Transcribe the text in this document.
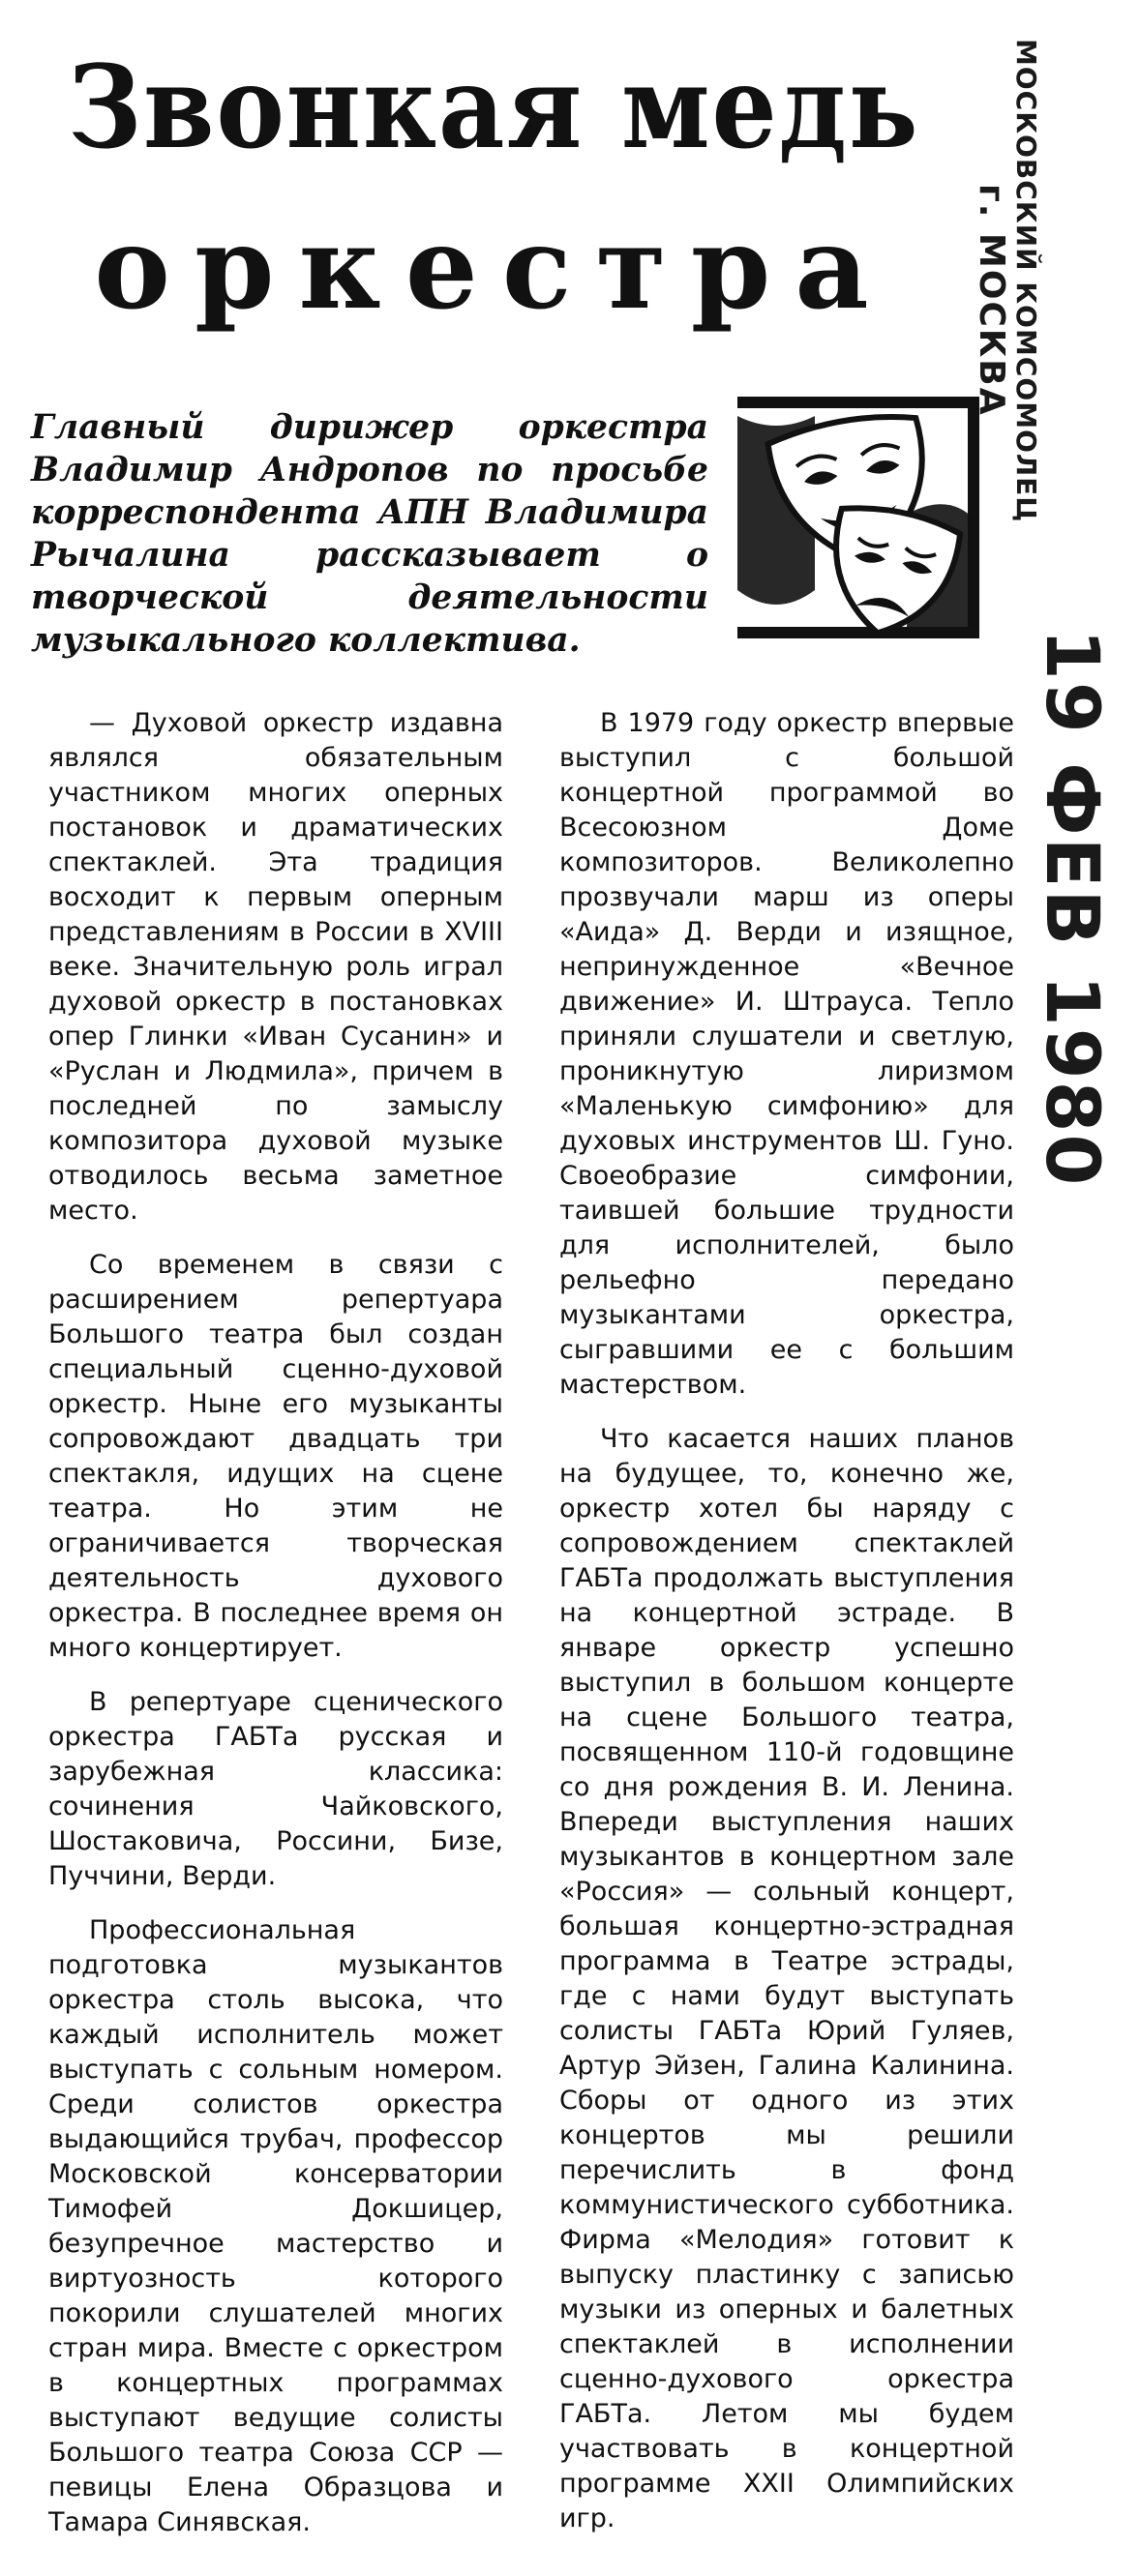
Звонкая медь
оркестра

Главный дирижер оркестра Владимир Андропов по просьбе корреспондента АПН Владимира Рычалина рассказывает о творческой деятельности музыкального коллектива.

МОСКОВСКИЙ КОМСОМОЛЕЦ
г. МОСКВА
19 ФЕВ 1980

— Духовой оркестр издавна являлся обязательным участником многих оперных постановок и драматических спектаклей. Эта традиция восходит к первым оперным представлениям в России в XVIII веке. Значительную роль играл духовой оркестр в постановках опер Глинки «Иван Сусанин» и «Руслан и Людмила», причем в последней по замыслу композитора духовой музыке отводилось весьма заметное место.

Со временем в связи с расширением репертуара Большого театра был создан специальный сценно-духовой оркестр. Ныне его музыканты сопровождают двадцать три спектакля, идущих на сцене театра. Но этим не ограничивается творческая деятельность духового оркестра. В последнее время он много концертирует.

В репертуаре сценического оркестра ГАБТа русская и зарубежная классика: сочинения Чайковского, Шостаковича, Россини, Бизе, Пуччини, Верди.

Профессиональная подготовка музыкантов оркестра столь высока, что каждый исполнитель может выступать с сольным номером. Среди солистов оркестра выдающийся трубач, профессор Московской консерватории Тимофей Докшицер, безупречное мастерство и виртуозность которого покорили слушателей многих стран мира. Вместе с оркестром в концертных программах выступают ведущие солисты Большого театра Союза ССР — певицы Елена Образцова и Тамара Синявская.

В 1979 году оркестр впервые выступил с большой концертной программой во Всесоюзном Доме композиторов. Великолепно прозвучали марш из оперы «Аида» Д. Верди и изящное, непринужденное «Вечное движение» И. Штрауса. Тепло приняли слушатели и светлую, проникнутую лиризмом «Маленькую симфонию» для духовых инструментов Ш. Гуно. Своеобразие симфонии, таившей большие трудности для исполнителей, было рельефно передано музыкантами оркестра, сыгравшими ее с большим мастерством.

Что касается наших планов на будущее, то, конечно же, оркестр хотел бы наряду с сопровождением спектаклей ГАБТа продолжать выступления на концертной эстраде. В январе оркестр успешно выступил в большом концерте на сцене Большого театра, посвященном 110-й годовщине со дня рождения В. И. Ленина. Впереди выступления наших музыкантов в концертном зале «Россия» — сольный концерт, большая концертно-эстрадная программа в Театре эстрады, где с нами будут выступать солисты ГАБТа Юрий Гуляев, Артур Эйзен, Галина Калинина. Сборы от одного из этих концертов мы решили перечислить в фонд коммунистического субботника. Фирма «Мелодия» готовит к выпуску пластинку с записью музыки из оперных и балетных спектаклей в исполнении сценно-духового оркестра ГАБТа. Летом мы будем участвовать в концертной программе XXII Олимпийских игр.
